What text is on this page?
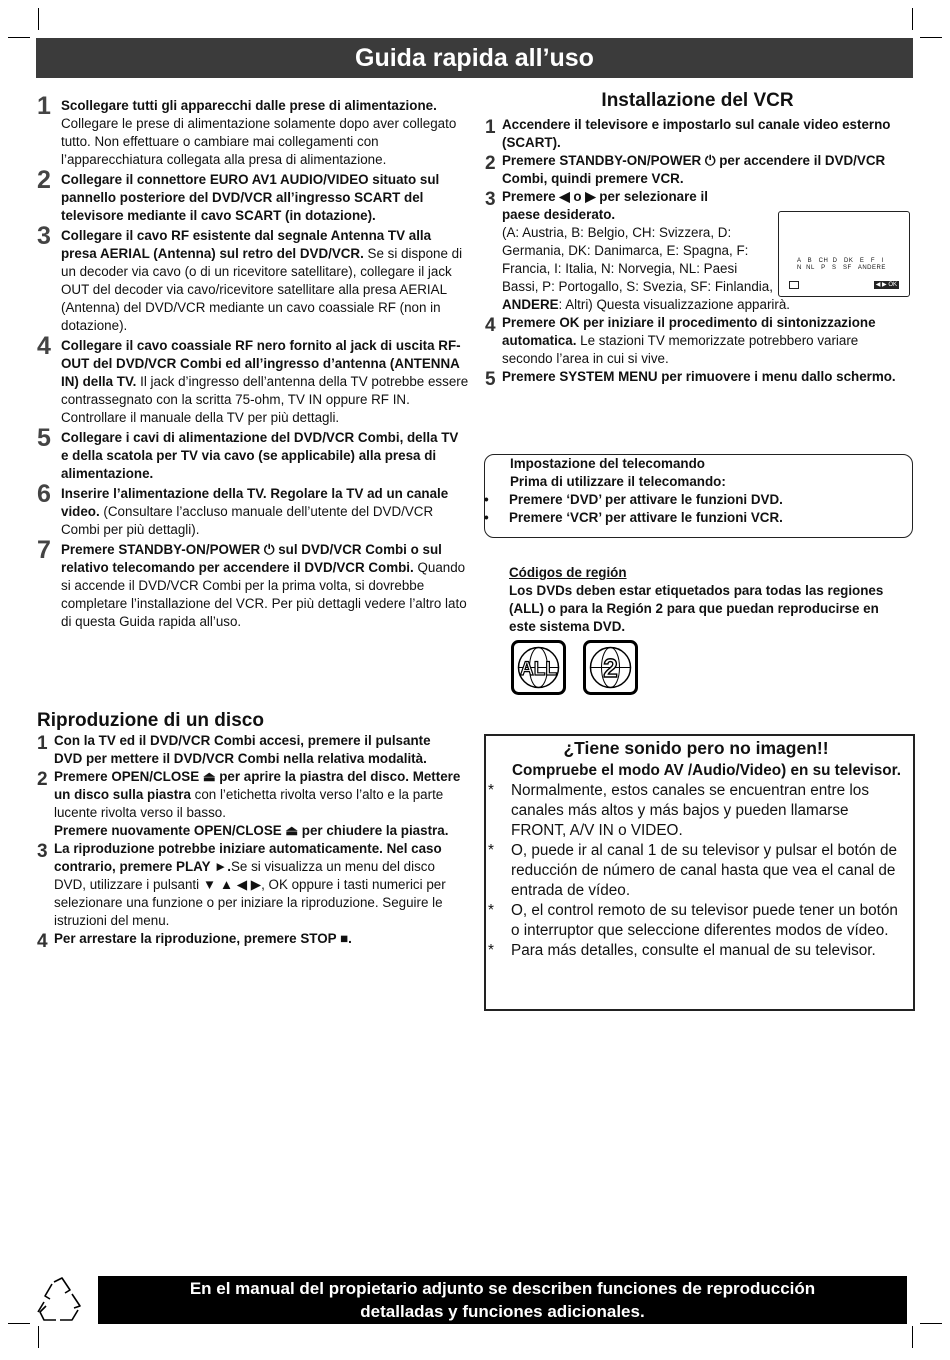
Guida rapida all’uso
1 Scollegare tutti gli apparecchi dalle prese di alimentazione. Collegare le prese di alimentazione solamente dopo aver collegato tutto. Non effettuare o cambiare mai collegamenti con l’apparecchiatura collegata alla presa di alimentazione.
2 Collegare il connettore EURO AV1 AUDIO/VIDEO situato sul pannello posteriore del DVD/VCR all’ingresso SCART del televisore mediante il cavo SCART (in dotazione).
3 Collegare il cavo RF esistente dal segnale Antenna TV alla presa AERIAL (Antenna) sul retro del DVD/VCR. Se si dispone di un decoder via cavo (o di un ricevitore satellitare), collegare il jack OUT del decoder via cavo/ricevitore satellitare alla presa AERIAL (Antenna) del DVD/VCR mediante un cavo coassiale RF (non in dotazione).
4 Collegare il cavo coassiale RF nero fornito al jack di uscita RF-OUT del DVD/VCR Combi ed all’ingresso d’antenna (ANTENNA IN) della TV. Il jack d’ingresso dell’antenna della TV potrebbe essere contrassegnato con la scritta 75-ohm, TV IN oppure RF IN. Controllare il manuale della TV per più dettagli.
5 Collegare i cavi di alimentazione del DVD/VCR Combi, della TV e della scatola per TV via cavo (se applicabile) alla presa di alimentazione.
6 Inserire l’alimentazione della TV. Regolare la TV ad un canale video. (Consultare l’accluso manuale dell’utente del DVD/VCR Combi per più dettagli).
7 Premere STANDBY-ON/POWER ⏻ sul DVD/VCR Combi o sul relativo telecomando per accendere il DVD/VCR Combi. Quando si accende il DVD/VCR Combi per la prima volta, si dovrebbe completare l’installazione del VCR. Per più dettagli vedere l’altro lato di questa Guida rapida all’uso.
Installazione del VCR
1 Accendere il televisore e impostarlo sul canale video esterno (SCART).
2 Premere STANDBY-ON/POWER ⏻ per accendere il DVD/VCR Combi, quindi premere VCR.
3 Premere ◀ o ▶ per selezionare il paese desiderato.
(A: Austria, B: Belgio, CH: Svizzera, D:
Germania, DK: Danimarca, E: Spagna, F:
Francia, I: Italia, N: Norvegia, NL: Paesi
Bassi, P: Portogallo, S: Svezia, SF: Finlandia,
ANDERE: Altri) Questa visualizzazione apparirà.
4 Premere OK per iniziare il procedimento di sintonizzazione automatica. Le stazioni TV memorizzate potrebbero variare secondo l’area in cui si vive.
5 Premere SYSTEM MENU per rimuovere i menu dallo schermo.
A   B   CH  D   DK   E   F   I
N  NL   P   S   SF   ANDERE
◀ ▶ OK
Impostazione del telecomando
Prima di utilizzare il telecomando:
• Premere ‘DVD’ per attivare le funzioni DVD.
• Premere ‘VCR’ per attivare le funzioni VCR.
Códigos de región
Los DVDs deben estar etiquetados para todas las regiones (ALL) o para la Región 2 para que puedan reproducirse en este sistema DVD.
ALL 2
Riproduzione di un disco
1 Con la TV ed il DVD/VCR Combi accesi, premere il pulsante DVD per mettere il DVD/VCR Combi nella relativa modalità.
2 Premere OPEN/CLOSE ⏏ per aprire la piastra del disco. Mettere un disco sulla piastra con l’etichetta rivolta verso l’alto e la parte lucente rivolta verso il basso.
Premere nuovamente OPEN/CLOSE ⏏ per chiudere la piastra.
3 La riproduzione potrebbe iniziare automaticamente. Nel caso contrario, premere PLAY ►.Se si visualizza un menu del disco DVD, utilizzare i pulsanti ▼ ▲ ◀ ▶, OK oppure i tasti numerici per selezionare una funzione o per iniziare la riproduzione. Seguire le istruzioni del menu.
4 Per arrestare la riproduzione, premere STOP ■.
¿Tiene sonido pero no imagen!!
Compruebe el modo AV /Audio/Video) en su televisor.
* Normalmente, estos canales se encuentran entre los canales más altos y más bajos y pueden llamarse FRONT, A/V IN o VIDEO.
* O, puede ir al canal 1 de su televisor y pulsar el botón de reducción de número de canal hasta que vea el canal de entrada de vídeo.
* O, el control remoto de su televisor puede tener un botón o interruptor que seleccione diferentes modos de vídeo.
* Para más detalles, consulte el manual de su televisor.
En el manual del propietario adjunto se describen funciones de reproducción
detalladas y funciones adicionales.
